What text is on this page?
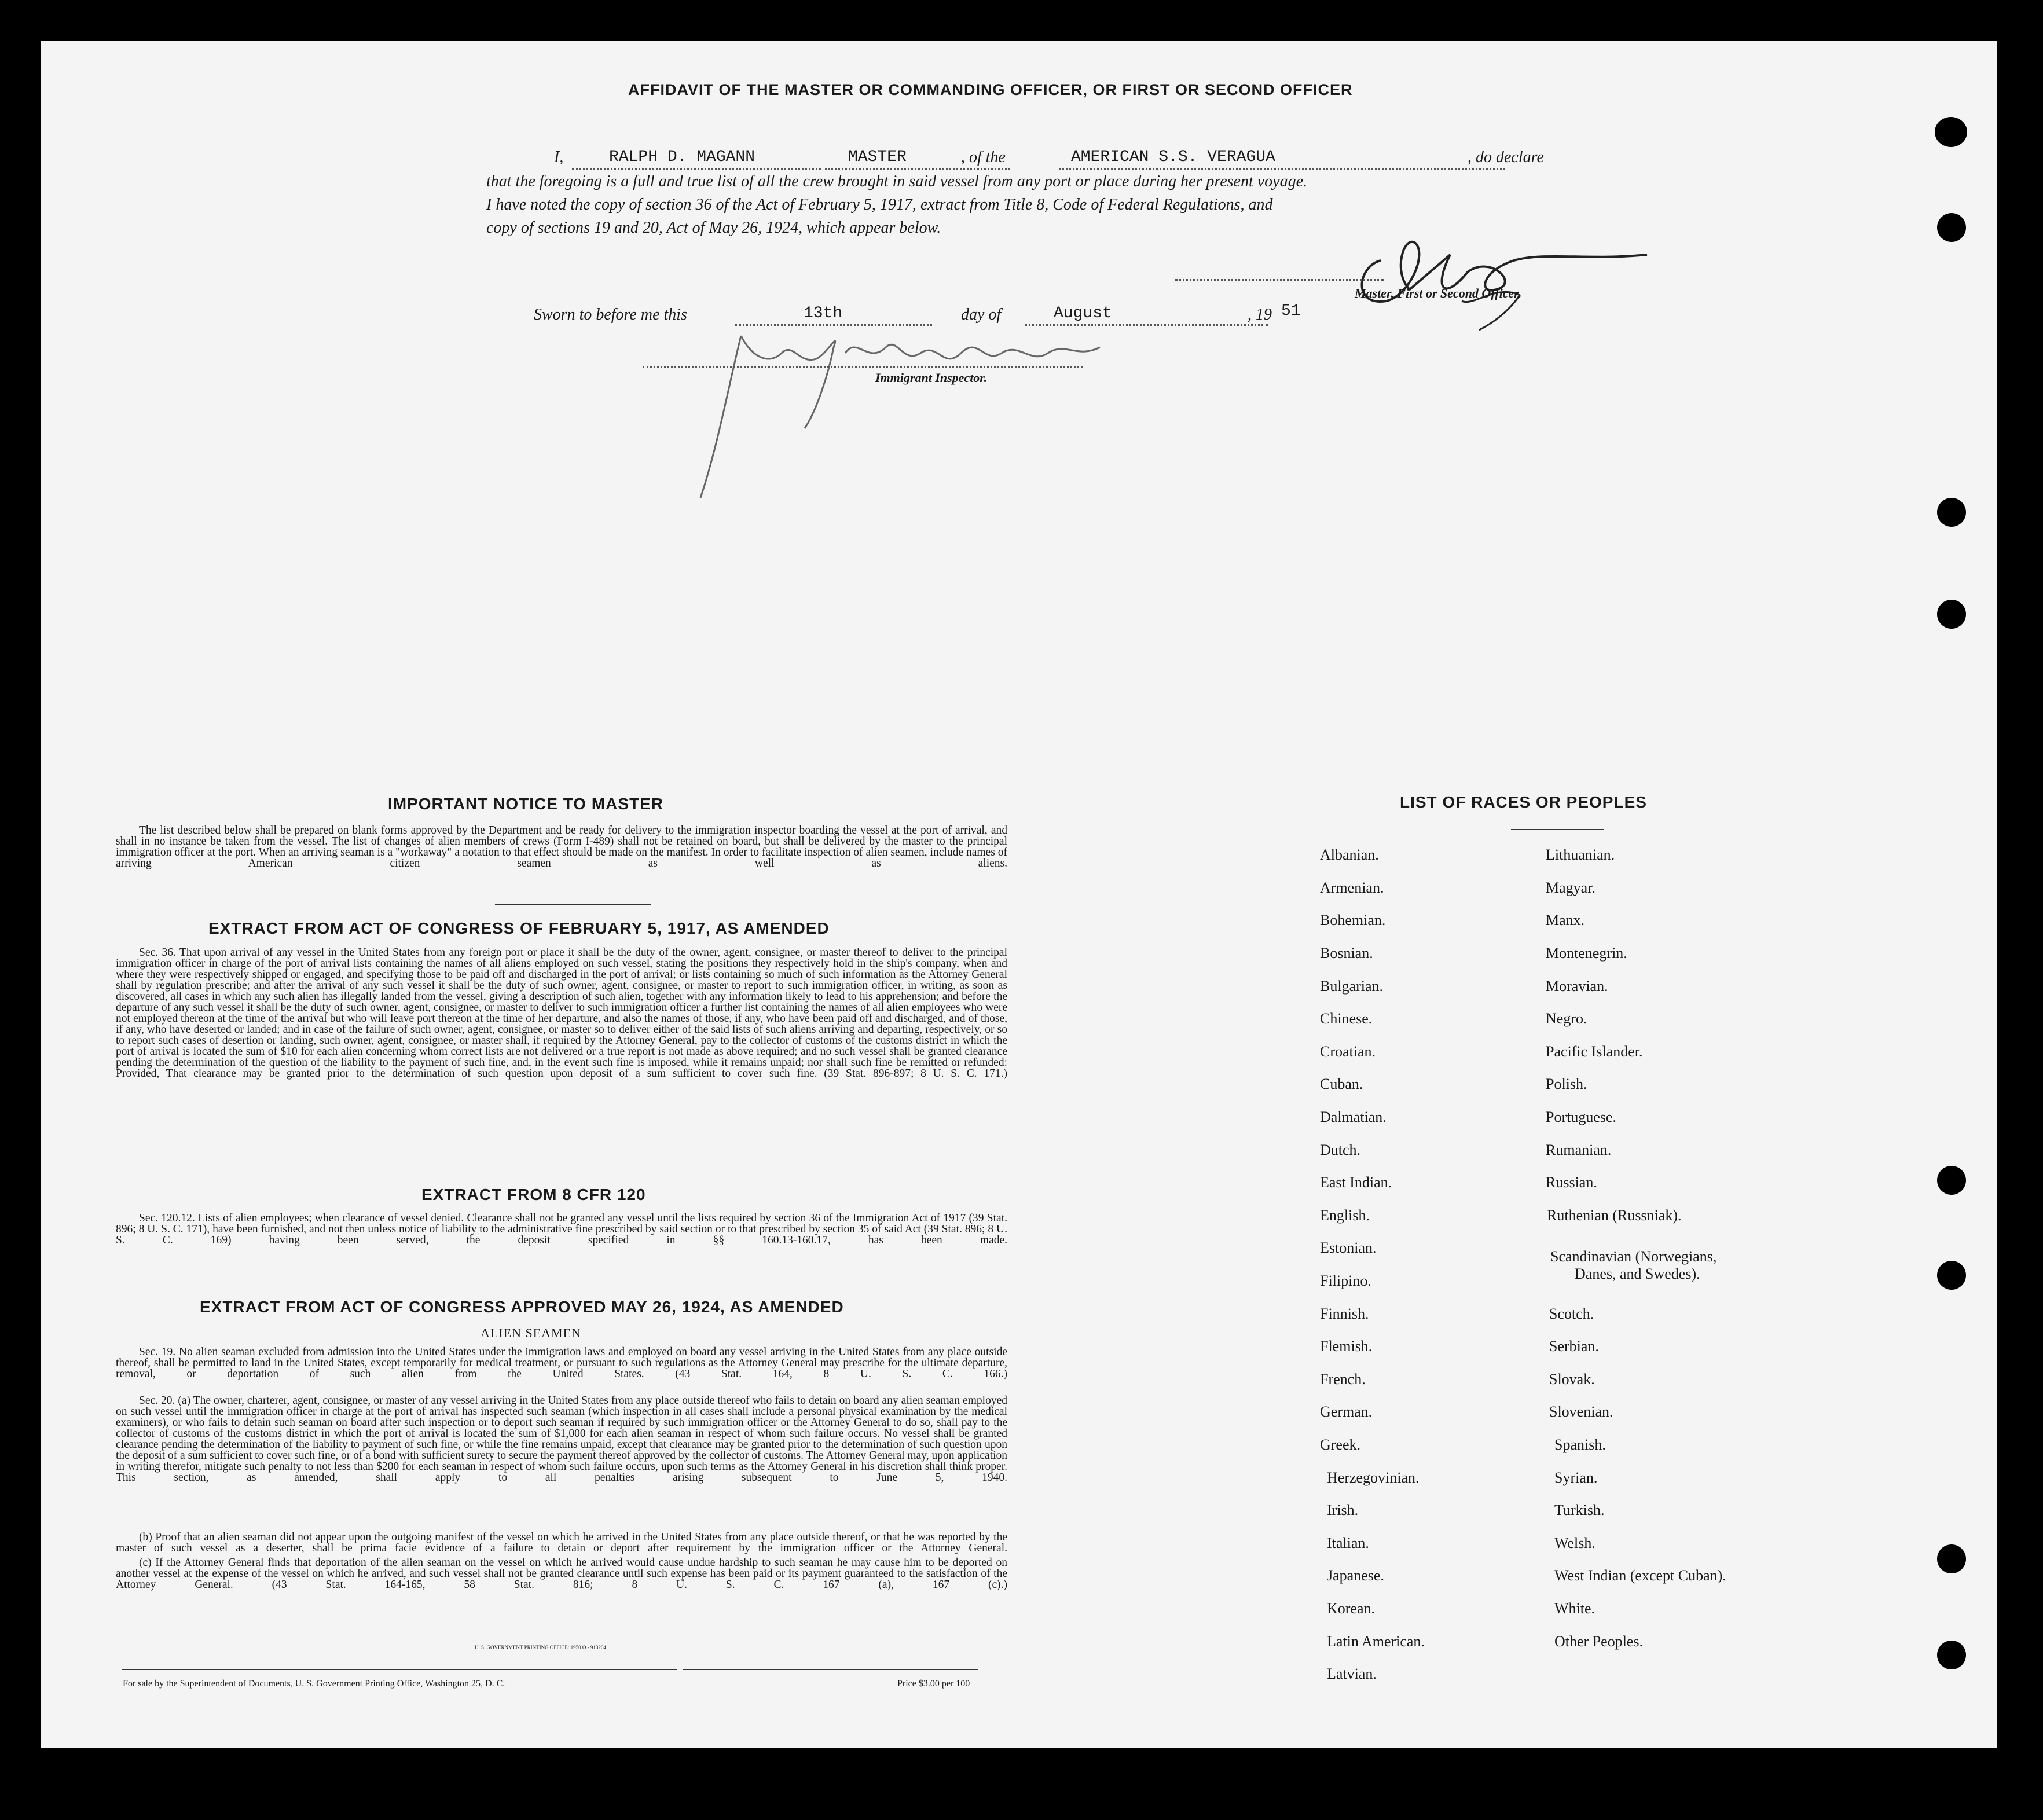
AFFIDAVIT OF THE MASTER OR COMMANDING OFFICER, OR FIRST OR SECOND OFFICER
I,	RALPH D. MAGANN	MASTER	, of the	AMERICAN S.S. VERAGUA	, do declare
that the foregoing is a full and true list of all the crew brought in said vessel from any port or place during her present voyage.
I have noted the copy of section 36 of the Act of February 5, 1917, extract from Title 8, Code of Federal Regulations, and
copy of sections 19 and 20, Act of May 26, 1924, which appear below.
Master, First or Second Officer.
Sworn to before me this	13th	day of	August	, 19 51
Immigrant Inspector.
IMPORTANT NOTICE TO MASTER
The list described below shall be prepared on blank forms approved by the Department and be ready for delivery to the immigration inspector boarding the vessel at the port of arrival, and shall in no instance be taken from the vessel. The list of changes of alien members of crews (Form I-489) shall not be retained on board, but shall be delivered by the master to the principal immigration officer at the port. When an arriving seaman is a "workaway" a notation to that effect should be made on the manifest. In order to facilitate inspection of alien seamen, include names of arriving American citizen seamen as well as aliens.
EXTRACT FROM ACT OF CONGRESS OF FEBRUARY 5, 1917, AS AMENDED
Sec. 36. That upon arrival of any vessel in the United States from any foreign port or place it shall be the duty of the owner, agent, consignee, or master thereof to deliver to the principal immigration officer in charge of the port of arrival lists containing the names of all aliens employed on such vessel, stating the positions they respectively hold in the ship's company, when and where they were respectively shipped or engaged, and specifying those to be paid off and discharged in the port of arrival; or lists containing so much of such information as the Attorney General shall by regulation prescribe; and after the arrival of any such vessel it shall be the duty of such owner, agent, consignee, or master to report to such immigration officer, in writing, as soon as discovered, all cases in which any such alien has illegally landed from the vessel, giving a description of such alien, together with any information likely to lead to his apprehension; and before the departure of any such vessel it shall be the duty of such owner, agent, consignee, or master to deliver to such immigration officer a further list containing the names of all alien employees who were not employed thereon at the time of the arrival but who will leave port thereon at the time of her departure, and also the names of those, if any, who have been paid off and discharged, and of those, if any, who have deserted or landed; and in case of the failure of such owner, agent, consignee, or master so to deliver either of the said lists of such aliens arriving and departing, respectively, or so to report such cases of desertion or landing, such owner, agent, consignee, or master shall, if required by the Attorney General, pay to the collector of customs of the customs district in which the port of arrival is located the sum of $10 for each alien concerning whom correct lists are not delivered or a true report is not made as above required; and no such vessel shall be granted clearance pending the determination of the question of the liability to the payment of such fine, and, in the event such fine is imposed, while it remains unpaid; nor shall such fine be remitted or refunded: Provided, That clearance may be granted prior to the determination of such question upon deposit of a sum sufficient to cover such fine. (39 Stat. 896-897; 8 U. S. C. 171.)
EXTRACT FROM 8 CFR 120
Sec. 120.12. Lists of alien employees; when clearance of vessel denied. Clearance shall not be granted any vessel until the lists required by section 36 of the Immigration Act of 1917 (39 Stat. 896; 8 U. S. C. 171), have been furnished, and not then unless notice of liability to the administrative fine prescribed by said section or to that prescribed by section 35 of said Act (39 Stat. 896; 8 U. S. C. 169) having been served, the deposit specified in §§ 160.13-160.17, has been made.
EXTRACT FROM ACT OF CONGRESS APPROVED MAY 26, 1924, AS AMENDED
ALIEN SEAMEN
Sec. 19. No alien seaman excluded from admission into the United States under the immigration laws and employed on board any vessel arriving in the United States from any place outside thereof, shall be permitted to land in the United States, except temporarily for medical treatment, or pursuant to such regulations as the Attorney General may prescribe for the ultimate departure, removal, or deportation of such alien from the United States. (43 Stat. 164, 8 U. S. C. 166.)
Sec. 20. (a) The owner, charterer, agent, consignee, or master of any vessel arriving in the United States from any place outside thereof who fails to detain on board any alien seaman employed on such vessel until the immigration officer in charge at the port of arrival has inspected such seaman (which inspection in all cases shall include a personal physical examination by the medical examiners), or who fails to detain such seaman on board after such inspection or to deport such seaman if required by such immigration officer or the Attorney General to do so, shall pay to the collector of customs of the customs district in which the port of arrival is located the sum of $1,000 for each alien seaman in respect of whom such failure occurs. No vessel shall be granted clearance pending the determination of the liability to payment of such fine, or while the fine remains unpaid, except that clearance may be granted prior to the determination of such question upon the deposit of a sum sufficient to cover such fine, or of a bond with sufficient surety to secure the payment thereof approved by the collector of customs. The Attorney General may, upon application in writing therefor, mitigate such penalty to not less than $200 for each seaman in respect of whom such failure occurs, upon such terms as the Attorney General in his discretion shall think proper. This section, as amended, shall apply to all penalties arising subsequent to June 5, 1940.
(b) Proof that an alien seaman did not appear upon the outgoing manifest of the vessel on which he arrived in the United States from any place outside thereof, or that he was reported by the master of such vessel as a deserter, shall be prima facie evidence of a failure to detain or deport after requirement by the immigration officer or the Attorney General.
(c) If the Attorney General finds that deportation of the alien seaman on the vessel on which he arrived would cause undue hardship to such seaman he may cause him to be deported on another vessel at the expense of the vessel on which he arrived, and such vessel shall not be granted clearance until such expense has been paid or its payment guaranteed to the satisfaction of the Attorney General. (43 Stat. 164-165, 58 Stat. 816; 8 U. S. C. 167 (a), 167 (c).)
U. S. GOVERNMENT PRINTING OFFICE: 1950 O - 913264
For sale by the Superintendent of Documents, U. S. Government Printing Office, Washington 25, D. C.	Price $3.00 per 100
LIST OF RACES OR PEOPLES
Albanian.
Armenian.
Bohemian.
Bosnian.
Bulgarian.
Chinese.
Croatian.
Cuban.
Dalmatian.
Dutch.
East Indian.
English.
Estonian.
Filipino.
Finnish.
Flemish.
French.
German.
Greek.
Herzegovinian.
Irish.
Italian.
Japanese.
Korean.
Latin American.
Latvian.
Lithuanian.
Magyar.
Manx.
Montenegrin.
Moravian.
Negro.
Pacific Islander.
Polish.
Portuguese.
Rumanian.
Russian.
Ruthenian (Russniak).
Scandinavian (Norwegians,
Danes, and Swedes).
Scotch.
Serbian.
Slovak.
Slovenian.
Spanish.
Syrian.
Turkish.
Welsh.
West Indian (except Cuban).
White.
Other Peoples.
